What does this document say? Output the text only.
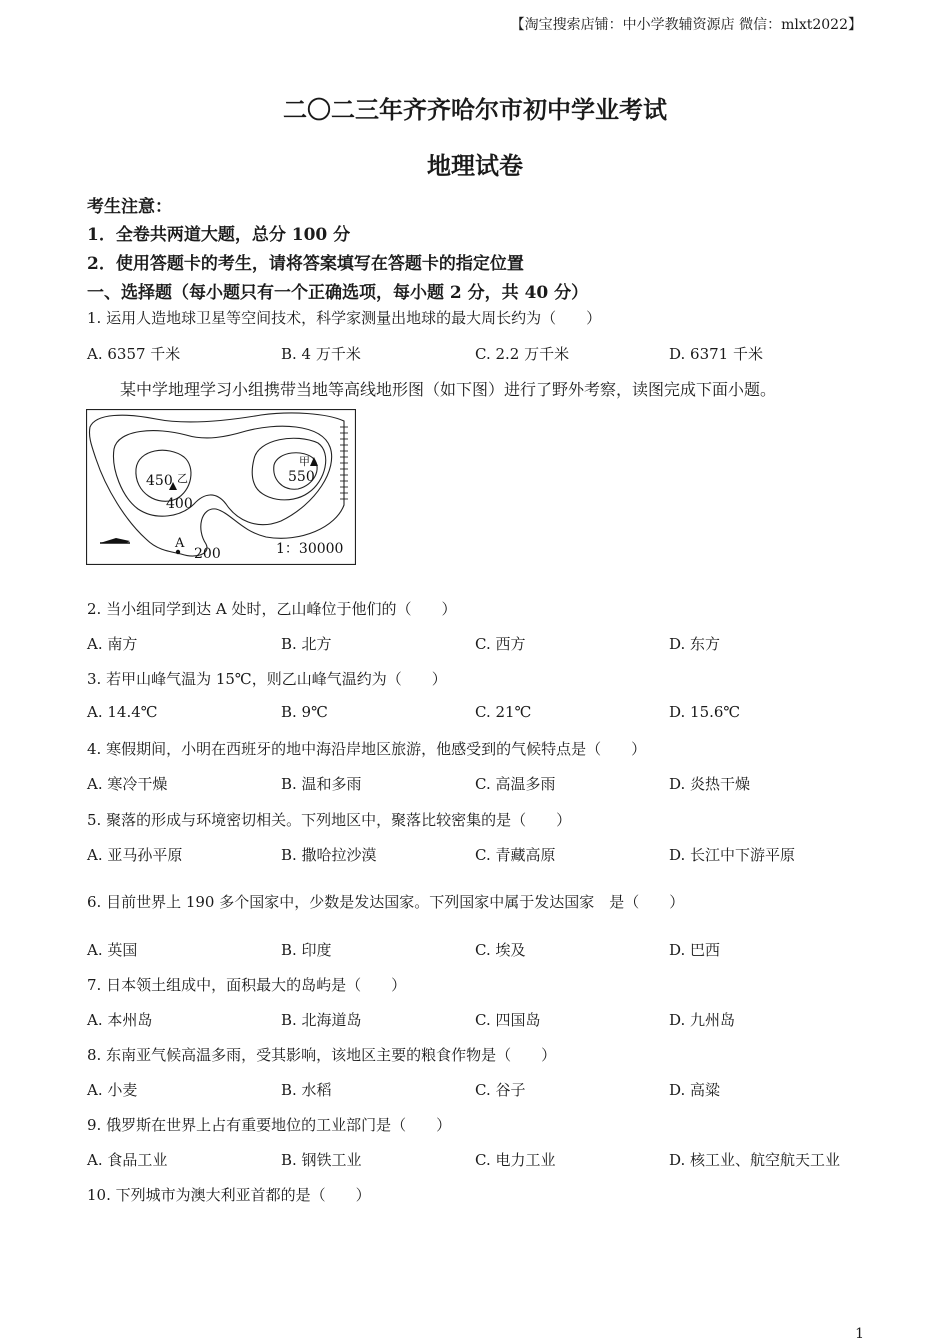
【淘宝搜索店铺：中小学教辅资源店 微信：mlxt2022】
二〇二三年齐齐哈尔市初中学业考试
地理试卷
考生注意：
1．全卷共两道大题，总分 100 分
2．使用答题卡的考生，请将答案填写在答题卡的指定位置
一、选择题（每小题只有一个正确选项，每小题 2 分，共 40 分）
1. 运用人造地球卫星等空间技术，科学家测量出地球的最大周长约为（　　）
A. 6357 千米	B. 4 万千米	C. 2.2 万千米	D. 6371 千米
某中学地理学习小组携带当地等高线地形图（如下图）进行了野外考察，读图完成下面小题。
450 乙
400
甲
550
A
200	1：30000
2. 当小组同学到达 A 处时，乙山峰位于他们的（　　）
A. 南方	B. 北方	C. 西方	D. 东方
3. 若甲山峰气温为 15℃，则乙山峰气温约为（　　）
A. 14.4℃	B. 9℃	C. 21℃	D. 15.6℃
4. 寒假期间，小明在西班牙的地中海沿岸地区旅游，他感受到的气候特点是（　　）
A. 寒冷干燥	B. 温和多雨	C. 高温多雨	D. 炎热干燥
5. 聚落的形成与环境密切相关。下列地区中，聚落比较密集的是（　　）
A. 亚马孙平原	B. 撒哈拉沙漠	C. 青藏高原	D. 长江中下游平原
6. 目前世界上 190 多个国家中，少数是发达国家。下列国家中属于发达国家　是（　　）
A. 英国	B. 印度	C. 埃及	D. 巴西
7. 日本领土组成中，面积最大的岛屿是（　　）
A. 本州岛	B. 北海道岛	C. 四国岛	D. 九州岛
8. 东南亚气候高温多雨，受其影响，该地区主要的粮食作物是（　　）
A. 小麦	B. 水稻	C. 谷子	D. 高粱
9. 俄罗斯在世界上占有重要地位的工业部门是（　　）
A. 食品工业	B. 钢铁工业	C. 电力工业	D. 核工业、航空航天工业
10. 下列城市为澳大利亚首都的是（　　）
1
